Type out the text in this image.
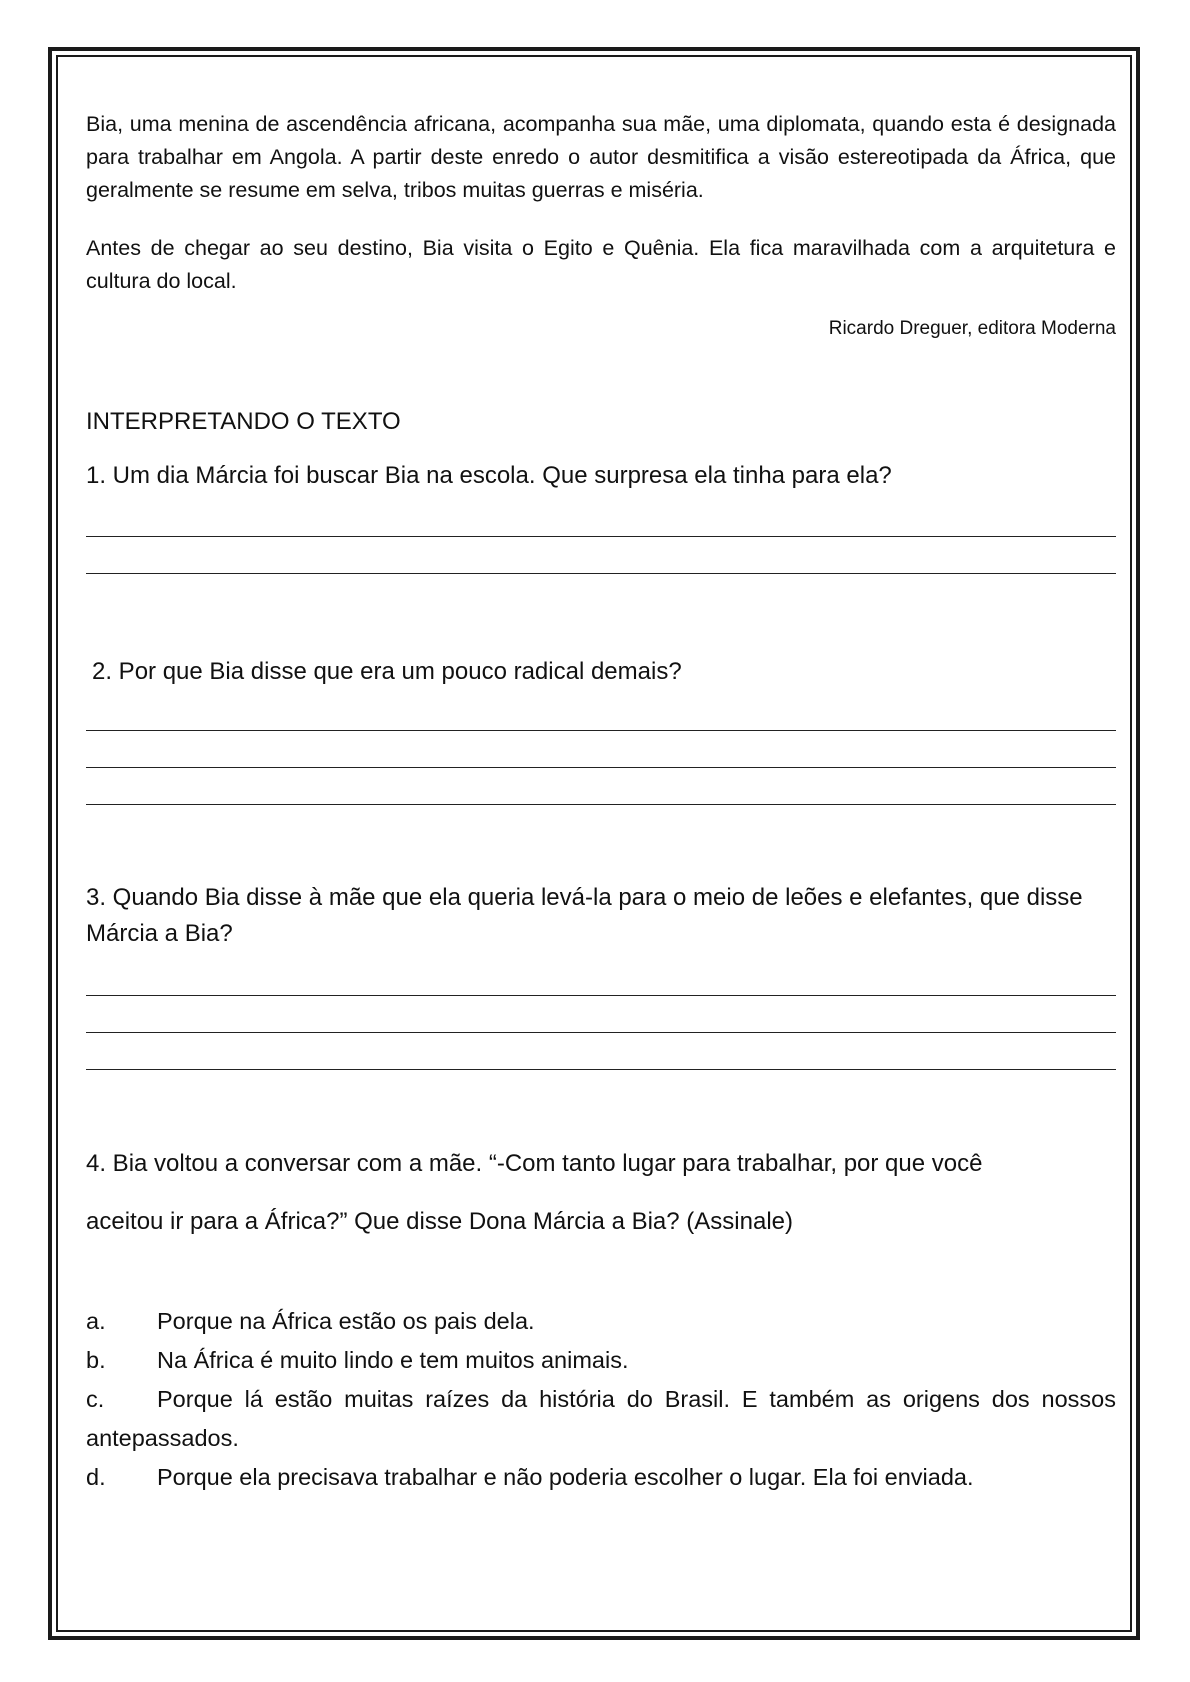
Bia, uma menina de ascendência africana, acompanha sua mãe, uma diplomata, quando esta é designada para trabalhar em Angola. A partir deste enredo o autor desmitifica a visão estereotipada da África, que geralmente se resume em selva, tribos muitas guerras e miséria.

Antes de chegar ao seu destino, Bia visita o Egito e Quênia. Ela fica maravilhada com a arquitetura e cultura do local.

Ricardo Dreguer, editora Moderna

INTERPRETANDO O TEXTO

1. Um dia Márcia foi buscar Bia na escola. Que surpresa ela tinha para ela?

2. Por que Bia disse que era um pouco radical demais?

3. Quando Bia disse à mãe que ela queria levá-la para o meio de leões e elefantes, que disse Márcia a Bia?

4. Bia voltou a conversar com a mãe. “-Com tanto lugar para trabalhar, por que você

aceitou ir para a África?” Que disse Dona Márcia a Bia? (Assinale)

a. Porque na África estão os pais dela.

b. Na África é muito lindo e tem muitos animais.

c. Porque lá estão muitas raízes da história do Brasil. E também as origens dos nossos antepassados.

d. Porque ela precisava trabalhar e não poderia escolher o lugar. Ela foi enviada.
